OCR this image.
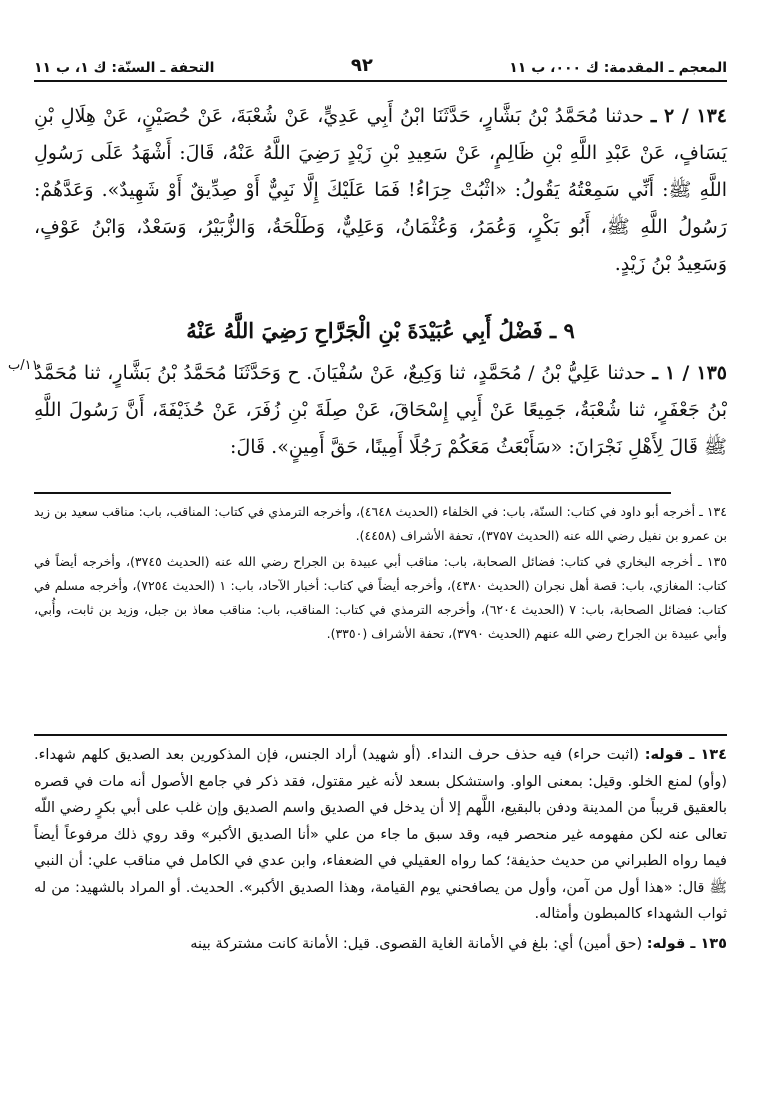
المعجم ـ المقدمة: ك ۰۰۰، ب ۱۱
۹۲
التحفة ـ السنّة: ك ۱، ب ۱۱
۱۱/ب

۱۳٤ / ۲ ـ حدثنا مُحَمَّدُ بْنُ بَشَّارٍ، حَدَّثَنَا ابْنُ أَبِي عَدِيٍّ، عَنْ شُعْبَةَ، عَنْ حُصَيْنٍ، عَنْ هِلَالِ بْنِ يَسَافٍ، عَنْ عَبْدِ اللَّهِ بْنِ ظَالِمٍ، عَنْ سَعِيدِ بْنِ زَيْدٍ رَضِيَ اللَّهُ عَنْهُ، قَالَ: أَشْهَدُ عَلَى رَسُولِ اللَّهِ ﷺ: أَنِّي سَمِعْتُهُ يَقُولُ: «اثْبُتْ حِرَاءُ! فَمَا عَلَيْكَ إِلَّا نَبِيٌّ أَوْ صِدِّيقٌ أَوْ شَهِيدٌ». وَعَدَّهُمْ: رَسُولُ اللَّهِ ﷺ، أَبُو بَكْرٍ، وَعُمَرُ، وَعُثْمَانُ، وَعَلِيٌّ، وَطَلْحَةُ، وَالزُّبَيْرُ، وَسَعْدٌ، وَابْنُ عَوْفٍ، وَسَعِيدُ بْنُ زَيْدٍ.

٩ ـ فَضْلُ أَبِي عُبَيْدَةَ بْنِ الْجَرَّاحِ رَضِيَ اللَّهُ عَنْهُ

۱۳٥ / ۱ ـ حدثنا عَلِيُّ بْنُ / مُحَمَّدٍ، ثنا وَكِيعٌ، عَنْ سُفْيَانَ. ح وَحَدَّثَنَا مُحَمَّدُ بْنُ بَشَّارٍ، ثنا مُحَمَّدُ بْنُ جَعْفَرٍ، ثنا شُعْبَةُ، جَمِيعًا عَنْ أَبِي إِسْحَاقَ، عَنْ صِلَةَ بْنِ زُفَرَ، عَنْ حُذَيْفَةَ، أَنَّ رَسُولَ اللَّهِ ﷺ قَالَ لِأَهْلِ نَجْرَانَ: «سَأَبْعَثُ مَعَكُمْ رَجُلًا أَمِينًا، حَقَّ أَمِينٍ». قَالَ:

۱۳٤ ـ أخرجه أبو داود في كتاب: السنّة، باب: في الخلفاء (الحديث ٤٦٤٨)، وأخرجه الترمذي في كتاب: المناقب، باب: مناقب سعيد بن زيد بن عمرو بن نفيل رضي الله عنه (الحديث ۳۷۵۷)، تحفة الأشراف (٤٤٥٨).

۱۳٥ ـ أخرجه البخاري في كتاب: فضائل الصحابة، باب: مناقب أبي عبيدة بن الجراح رضي الله عنه (الحديث ۳۷٤٥)، وأخرجه أيضاً في كتاب: المغازي، باب: قصة أهل نجران (الحديث ٤۳۸۰)، وأخرجه أيضاً في كتاب: أخبار الآحاد، باب: ۱ (الحديث ۷۲٥٤)، وأخرجه مسلم في كتاب: فضائل الصحابة، باب: ۷ (الحديث ٦۲۰٤)، وأخرجه الترمذي في كتاب: المناقب، باب: مناقب معاذ بن جبل، وزيد بن ثابت، وأُبي، وأبي عبيدة بن الجراح رضي الله عنهم (الحديث ۳۷۹۰)، تحفة الأشراف (۳۳٥۰).

۱۳٤ ـ قوله: (اثبت حراء) فيه حذف حرف النداء. (أو شهيد) أراد الجنس، فإن المذكورين بعد الصديق كلهم شهداء. (وأو) لمنع الخلو. وقيل: بمعنى الواو. واستشكل بسعد لأنه غير مقتول، فقد ذكر في جامع الأصول أنه مات في قصره بالعقيق قريباً من المدينة ودفن بالبقيع، اللَّهم إلا أن يدخل في الصديق واسم الصديق وإن غلب على أبي بكرٍ رضي اللّه تعالى عنه لكن مفهومه غير منحصر فيه، وقد سبق ما جاء من علي «أنا الصديق الأكبر» وقد روي ذلك مرفوعاً أيضاً فيما رواه الطبراني من حديث حذيفة؛ كما رواه العقيلي في الضعفاء، وابن عدي في الكامل في مناقب علي: أن النبي ﷺ قال: «هذا أول من آمن، وأول من يصافحني يوم القيامة، وهذا الصديق الأكبر». الحديث. أو المراد بالشهيد: من له ثواب الشهداء كالمبطون وأمثاله.

۱۳٥ ـ قوله: (حق أمين) أي: بلغ في الأمانة الغاية القصوى. قيل: الأمانة كانت مشتركة بينه
